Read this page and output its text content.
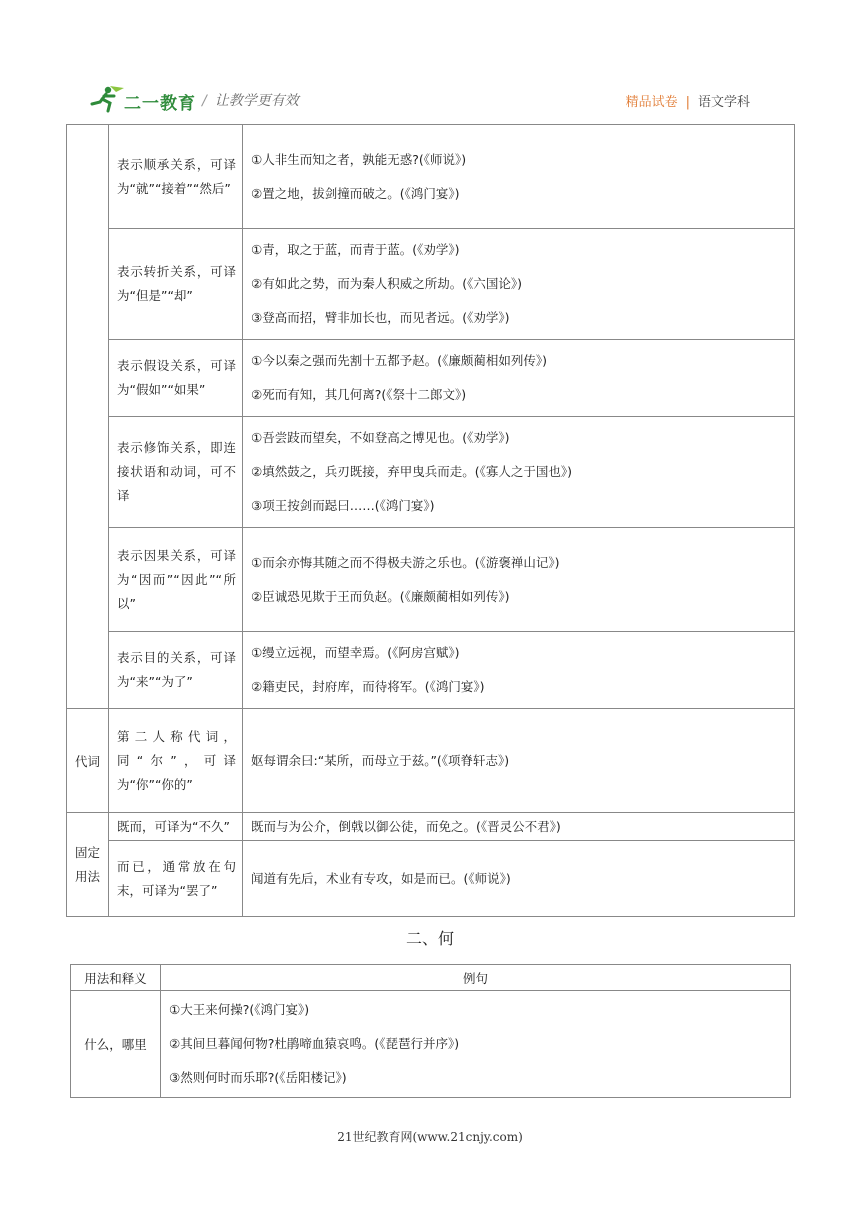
二一教育 / 让教学更有效	精品试卷 | 语文学科
	表示顺承关系，可译为“就”“接着”“然后”	①人非生而知之者，孰能无惑?(《师说》)
②置之地，拔剑撞而破之。(《鸿门宴》)

	表示转折关系，可译为“但是”“却”	①青，取之于蓝，而青于蓝。(《劝学》)
②有如此之势，而为秦人积威之所劫。(《六国论》)
③登高而招，臂非加长也，而见者远。(《劝学》)

	表示假设关系，可译为“假如”“如果”	①今以秦之强而先割十五都予赵。(《廉颇蔺相如列传》)
②死而有知，其几何离?(《祭十二郎文》)

	表示修饰关系，即连接状语和动词，可不译	①吾尝跂而望矣，不如登高之博见也。(《劝学》)
②填然鼓之，兵刃既接，弃甲曳兵而走。(《寡人之于国也》)
③项王按剑而跽曰……(《鸿门宴》)

	表示因果关系，可译为“因而”“因此”“所以”	①而余亦悔其随之而不得极夫游之乐也。(《游褒禅山记》)
②臣诚恐见欺于王而负赵。(《廉颇蔺相如列传》)

	表示目的关系，可译为“来”“为了”	①缦立远视，而望幸焉。(《阿房宫赋》)
②籍吏民，封府库，而待将军。(《鸿门宴》)

代词	第二人称代词，同“尔”，可译为“你”“你的”	妪每谓余曰:“某所，而母立于兹。”(《项脊轩志》)

固定用法	既而，可译为“不久”	既而与为公介，倒戟以御公徒，而免之。(《晋灵公不君》)

	而已，通常放在句末，可译为“罢了”	闻道有先后，术业有专攻，如是而已。(《师说》)
二、何
用法和释义	例句
什么，哪里	①大王来何操?(《鸿门宴》)
②其间旦暮闻何物?杜鹃啼血猿哀鸣。(《琵琶行并序》)
③然则何时而乐耶?(《岳阳楼记》)
21世纪教育网(www.21cnjy.com)
